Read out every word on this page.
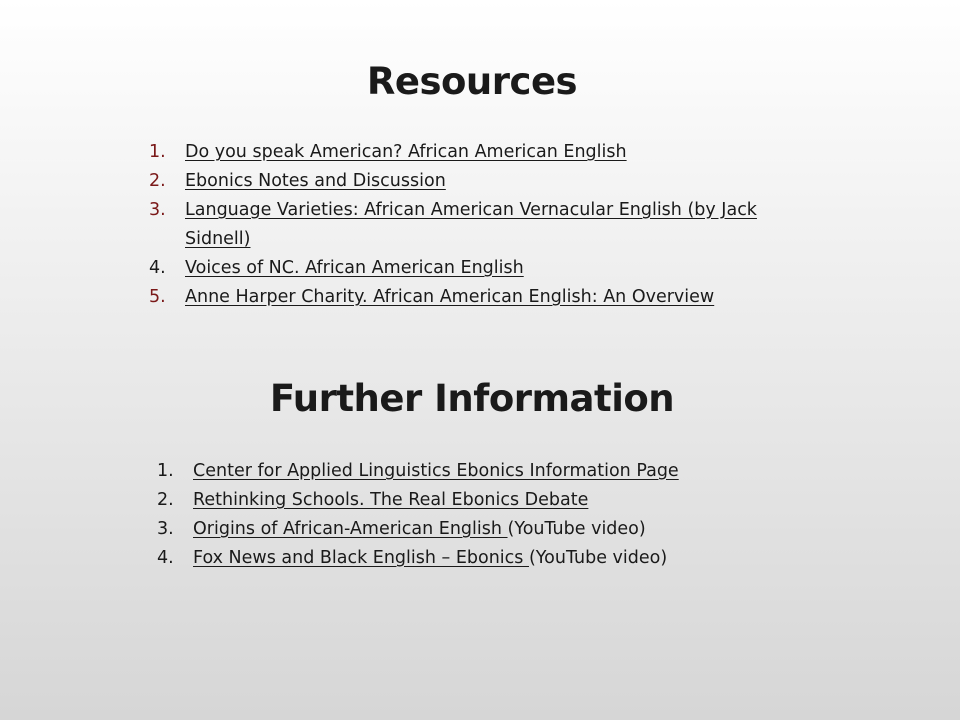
Resources
1.	Do you speak American? African American English
2.	Ebonics Notes and Discussion
3.	Language Varieties: African American Vernacular English (by Jack Sidnell)
4.	Voices of NC. African American English
5.	Anne Harper Charity. African American English: An Overview
Further Information
1.	Center for Applied Linguistics Ebonics Information Page
2.	Rethinking Schools. The Real Ebonics Debate
3.	Origins of African-American English (YouTube video)
4.	Fox News and Black English – Ebonics (YouTube video)
